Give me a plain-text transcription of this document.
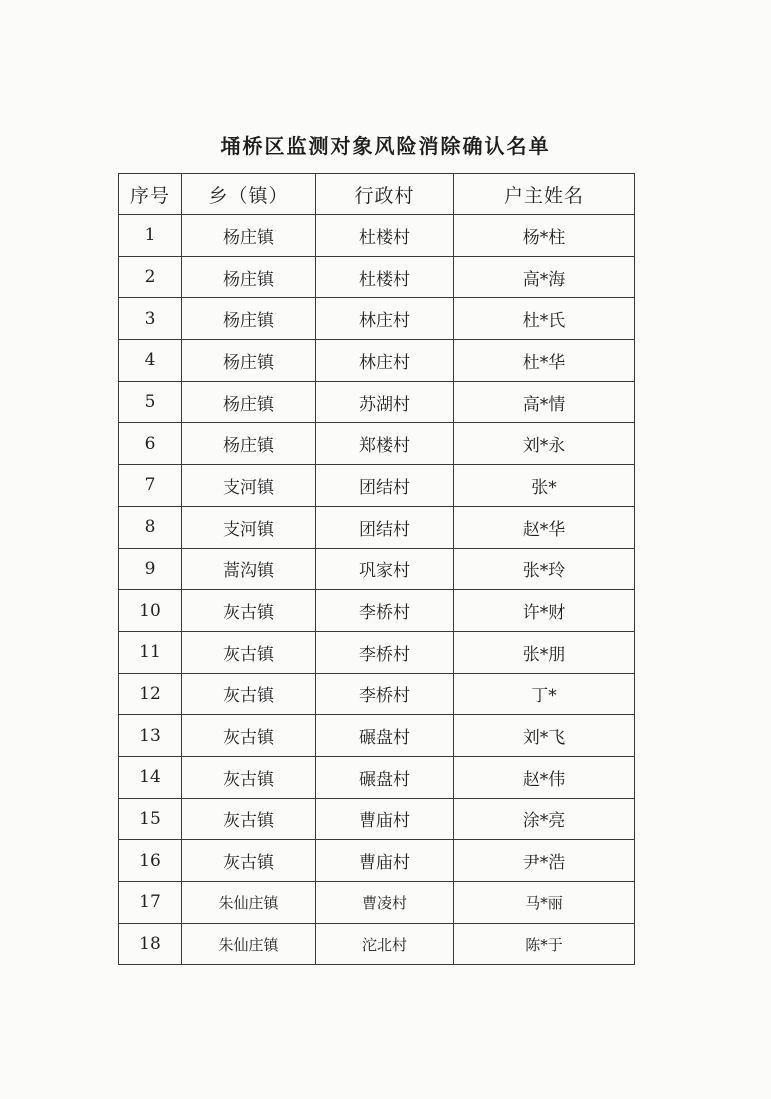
埇桥区监测对象风险消除确认名单
序号	乡（镇）	行政村	户主姓名
1	杨庄镇	杜楼村	杨*柱
2	杨庄镇	杜楼村	高*海
3	杨庄镇	林庄村	杜*氏
4	杨庄镇	林庄村	杜*华
5	杨庄镇	苏湖村	高*情
6	杨庄镇	郑楼村	刘*永
7	支河镇	团结村	张*
8	支河镇	团结村	赵*华
9	蒿沟镇	巩家村	张*玲
10	灰古镇	李桥村	许*财
11	灰古镇	李桥村	张*朋
12	灰古镇	李桥村	丁*
13	灰古镇	碾盘村	刘*飞
14	灰古镇	碾盘村	赵*伟
15	灰古镇	曹庙村	涂*亮
16	灰古镇	曹庙村	尹*浩
17	朱仙庄镇	曹凌村	马*丽
18	朱仙庄镇	沱北村	陈*于
